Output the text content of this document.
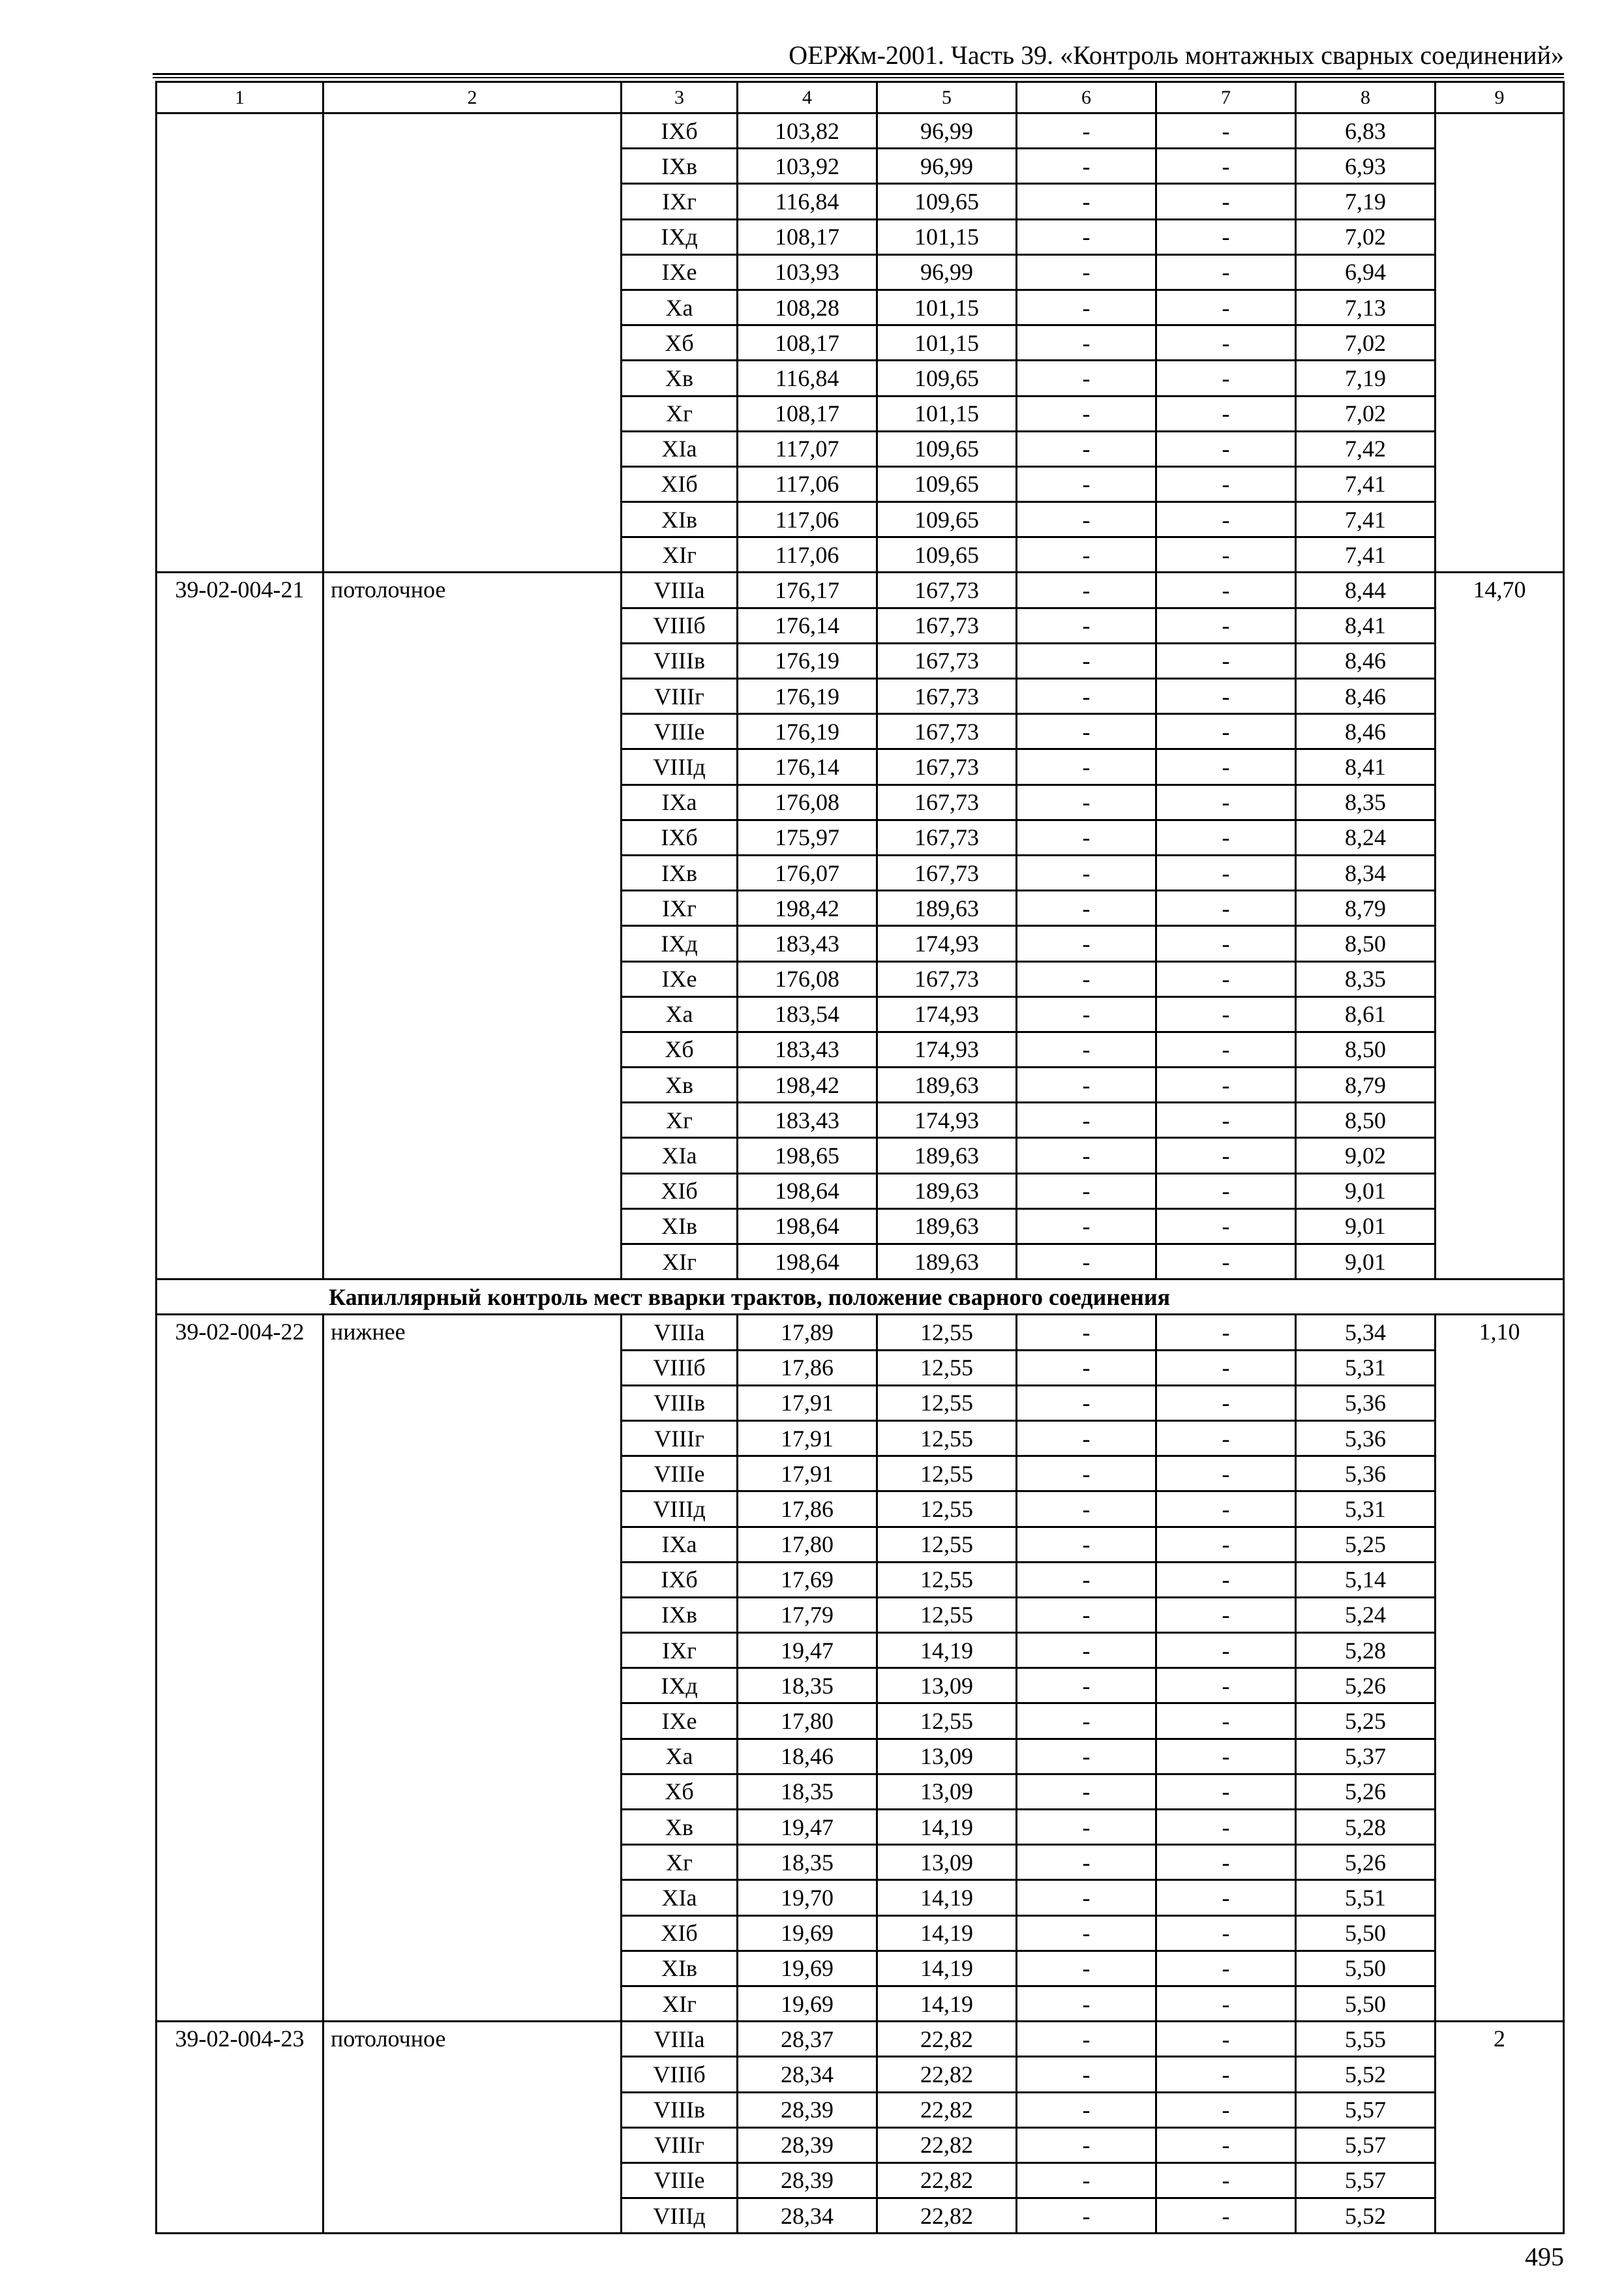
ОЕРЖм-2001. Часть 39. «Контроль монтажных сварных соединений»
1	2	3	4	5	6	7	8	9
		IXб	103,82	96,99	-	-	6,83	
		IXв	103,92	96,99	-	-	6,93	
		IXг	116,84	109,65	-	-	7,19	
		IXд	108,17	101,15	-	-	7,02	
		IXе	103,93	96,99	-	-	6,94	
		Xа	108,28	101,15	-	-	7,13	
		Xб	108,17	101,15	-	-	7,02	
		Xв	116,84	109,65	-	-	7,19	
		Xг	108,17	101,15	-	-	7,02	
		XIа	117,07	109,65	-	-	7,42	
		XIб	117,06	109,65	-	-	7,41	
		XIв	117,06	109,65	-	-	7,41	
		XIг	117,06	109,65	-	-	7,41	
39-02-004-21	потолочное	VIIIа	176,17	167,73	-	-	8,44	14,70
		VIIIб	176,14	167,73	-	-	8,41	
		VIIIв	176,19	167,73	-	-	8,46	
		VIIIг	176,19	167,73	-	-	8,46	
		VIIIе	176,19	167,73	-	-	8,46	
		VIIIд	176,14	167,73	-	-	8,41	
		IXа	176,08	167,73	-	-	8,35	
		IXб	175,97	167,73	-	-	8,24	
		IXв	176,07	167,73	-	-	8,34	
		IXг	198,42	189,63	-	-	8,79	
		IXд	183,43	174,93	-	-	8,50	
		IXе	176,08	167,73	-	-	8,35	
		Xа	183,54	174,93	-	-	8,61	
		Xб	183,43	174,93	-	-	8,50	
		Xв	198,42	189,63	-	-	8,79	
		Xг	183,43	174,93	-	-	8,50	
		XIа	198,65	189,63	-	-	9,02	
		XIб	198,64	189,63	-	-	9,01	
		XIв	198,64	189,63	-	-	9,01	
		XIг	198,64	189,63	-	-	9,01	
Капиллярный контроль мест вварки трактов, положение сварного соединения								
39-02-004-22	нижнее	VIIIа	17,89	12,55	-	-	5,34	1,10
		VIIIб	17,86	12,55	-	-	5,31	
		VIIIв	17,91	12,55	-	-	5,36	
		VIIIг	17,91	12,55	-	-	5,36	
		VIIIе	17,91	12,55	-	-	5,36	
		VIIIд	17,86	12,55	-	-	5,31	
		IXа	17,80	12,55	-	-	5,25	
		IXб	17,69	12,55	-	-	5,14	
		IXв	17,79	12,55	-	-	5,24	
		IXг	19,47	14,19	-	-	5,28	
		IXд	18,35	13,09	-	-	5,26	
		IXе	17,80	12,55	-	-	5,25	
		Xа	18,46	13,09	-	-	5,37	
		Xб	18,35	13,09	-	-	5,26	
		Xв	19,47	14,19	-	-	5,28	
		Xг	18,35	13,09	-	-	5,26	
		XIа	19,70	14,19	-	-	5,51	
		XIб	19,69	14,19	-	-	5,50	
		XIв	19,69	14,19	-	-	5,50	
		XIг	19,69	14,19	-	-	5,50	
39-02-004-23	потолочное	VIIIа	28,37	22,82	-	-	5,55	2
		VIIIб	28,34	22,82	-	-	5,52	
		VIIIв	28,39	22,82	-	-	5,57	
		VIIIг	28,39	22,82	-	-	5,57	
		VIIIе	28,39	22,82	-	-	5,57	
		VIIIд	28,34	22,82	-	-	5,52	
495
